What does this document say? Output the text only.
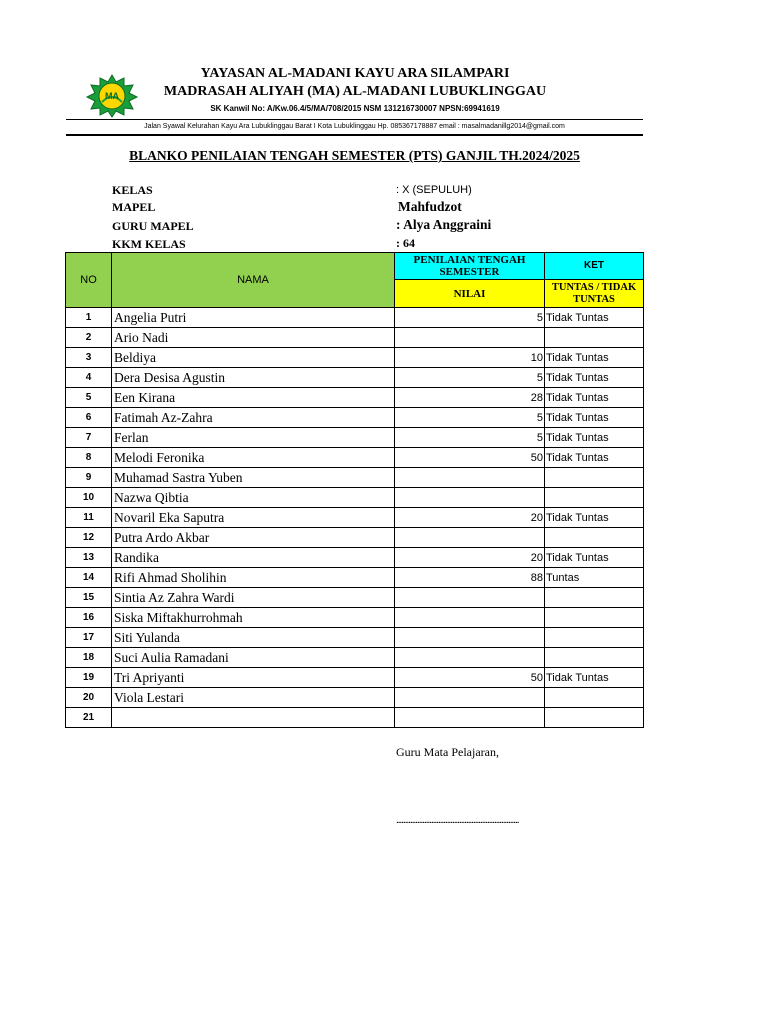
MA
YAYASAN AL-MADANI KAYU ARA SILAMPARI
MADRASAH ALIYAH (MA) AL-MADANI LUBUKLINGGAU
SK Kanwil No: A/Kw.06.4/5/MA/708/2015 NSM 131216730007 NPSN:69941619
Jalan Syawal Kelurahan Kayu Ara Lubuklinggau Barat I Kota Lubuklinggau Hp. 085367178887 email : masalmadanillg2014@gmail.com
BLANKO PENILAIAN TENGAH SEMESTER (PTS) GANJIL TH.2024/2025
KELAS	: X (SEPULUH)
MAPEL	Mahfudzot
GURU MAPEL	: Alya Anggraini
KKM KELAS	: 64
NO	NAMA	PENILAIAN TENGAH SEMESTER	KET
		NILAI	TUNTAS / TIDAK TUNTAS
1	Angelia Putri	5	Tidak Tuntas
2	Ario Nadi		
3	Beldiya	10	Tidak Tuntas
4	Dera Desisa Agustin	5	Tidak Tuntas
5	Een Kirana	28	Tidak Tuntas
6	Fatimah Az-Zahra	5	Tidak Tuntas
7	Ferlan	5	Tidak Tuntas
8	Melodi Feronika	50	Tidak Tuntas
9	Muhamad Sastra Yuben		
10	Nazwa Qibtia		
11	Novaril Eka Saputra	20	Tidak Tuntas
12	Putra Ardo Akbar		
13	Randika	20	Tidak Tuntas
14	Rifi Ahmad Sholihin	88	Tuntas
15	Sintia Az Zahra Wardi		
16	Siska Miftakhurrohmah		
17	Siti Yulanda		
18	Suci Aulia Ramadani		
19	Tri Apriyanti	50	Tidak Tuntas
20	Viola Lestari		
21			
Guru Mata Pelajaran,
......................................................................
